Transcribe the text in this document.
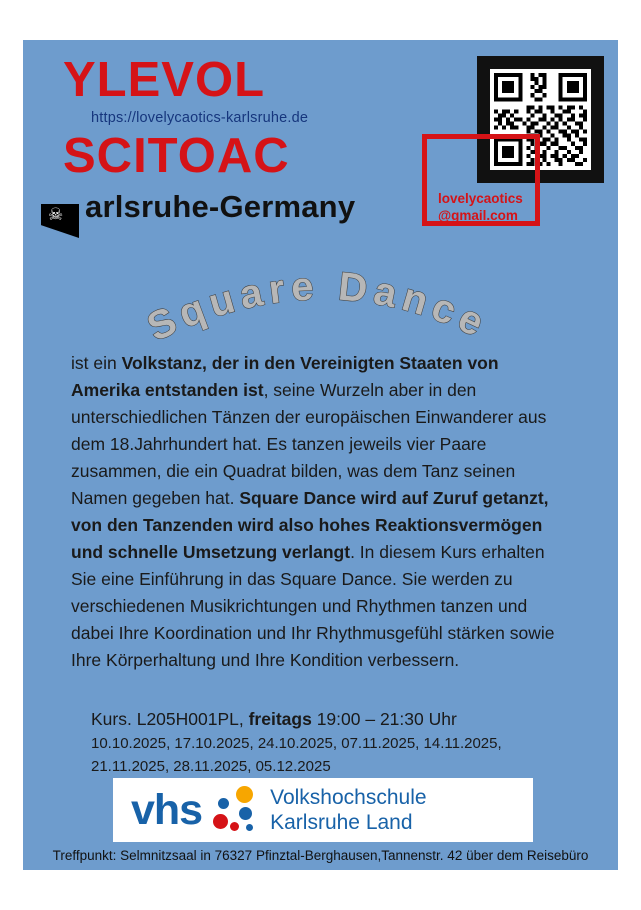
YLEVOL
https://lovelycaotics-karlsruhe.de
SCITOAC
arlsruhe-Germany
☠
lovelycaotics
@gmail.com
Square Dance
ist ein Volkstanz, der in den Vereinigten Staaten von Amerika entstanden ist, seine Wurzeln aber in den unterschiedlichen Tänzen der europäischen Einwanderer aus dem 18.Jahrhundert hat. Es tanzen jeweils vier Paare zusammen, die ein Quadrat bilden, was dem Tanz seinen Namen gegeben hat. Square Dance wird auf Zuruf getanzt, von den Tanzenden wird also hohes Reaktionsvermögen und schnelle Umsetzung verlangt. In diesem Kurs erhalten Sie eine Einführung in das Square Dance. Sie werden zu verschiedenen Musikrichtungen und Rhythmen tanzen und dabei Ihre Koordination und Ihr Rhythmusgefühl stärken sowie Ihre Körperhaltung und Ihre Kondition verbessern.
Kurs. L205H001PL, freitags 19:00 – 21:30 Uhr
10.10.2025, 17.10.2025, 24.10.2025, 07.11.2025, 14.11.2025,
21.11.2025, 28.11.2025, 05.12.2025
vhs	Volkshochschule
Karlsruhe Land
Treffpunkt: Selmnitzsaal in 76327 Pfinztal-Berghausen,Tannenstr. 42 über dem Reisebüro
